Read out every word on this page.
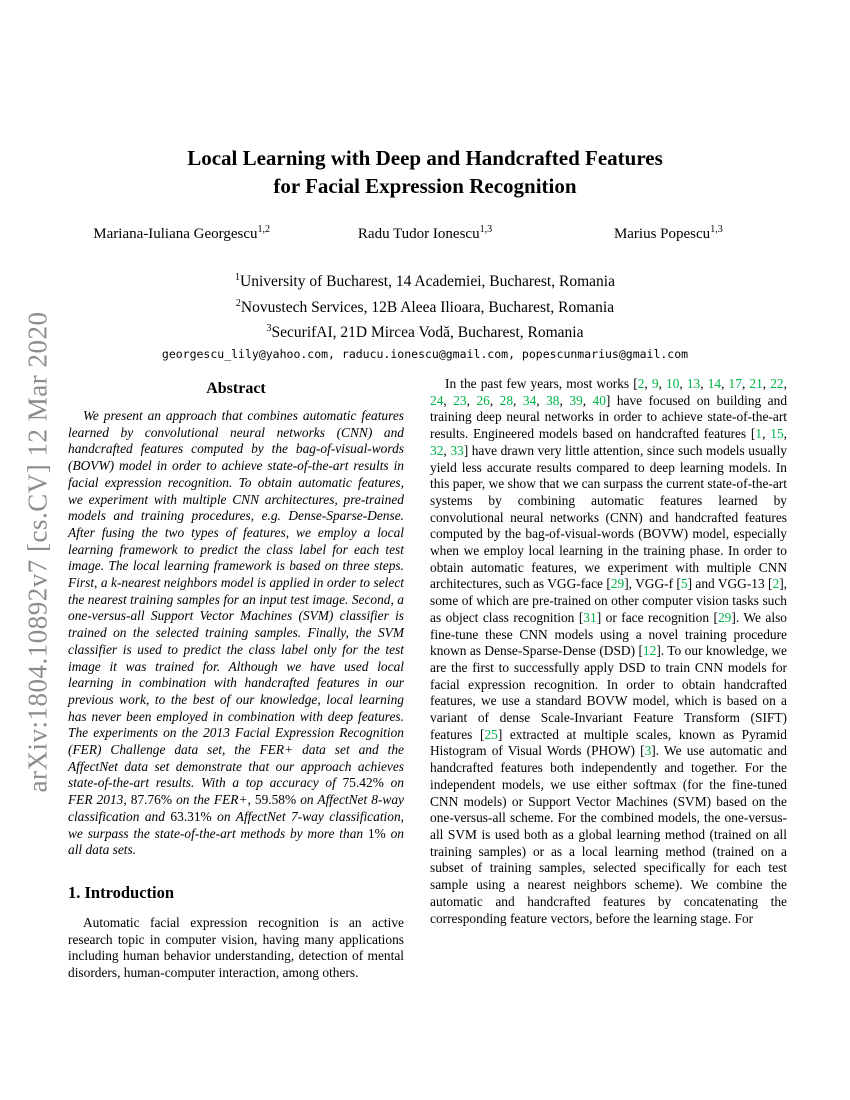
arXiv:1804.10892v7 [cs.CV] 12 Mar 2020
Local Learning with Deep and Handcrafted Features
for Facial Expression Recognition
Mariana-Iuliana Georgescu$^{1,2}$	Radu Tudor Ionescu$^{1,3}$	Marius Popescu$^{1,3}$
$^1$University of Bucharest, 14 Academiei, Bucharest, Romania
$^2$Novustech Services, 12B Aleea Ilioara, Bucharest, Romania
$^3$SecurifAI, 21D Mircea Vodă, Bucharest, Romania
georgescu_lily@yahoo.com, raducu.ionescu@gmail.com, popescunmarius@gmail.com
Abstract

We present an approach that combines automatic features learned by convolutional neural networks (CNN) and handcrafted features computed by the bag-of-visual-words (BOVW) model in order to achieve state-of-the-art results in facial expression recognition. To obtain automatic features, we experiment with multiple CNN architectures, pre-trained models and training procedures, e.g. Dense-Sparse-Dense. After fusing the two types of features, we employ a local learning framework to predict the class label for each test image. The local learning framework is based on three steps. First, a k-nearest neighbors model is applied in order to select the nearest training samples for an input test image. Second, a one-versus-all Support Vector Machines (SVM) classifier is trained on the selected training samples. Finally, the SVM classifier is used to predict the class label only for the test image it was trained for. Although we have used local learning in combination with handcrafted features in our previous work, to the best of our knowledge, local learning has never been employed in combination with deep features. The experiments on the 2013 Facial Expression Recognition (FER) Challenge data set, the FER+ data set and the AffectNet data set demonstrate that our approach achieves state-of-the-art results. With a top accuracy of 75.42% on FER 2013, 87.76% on the FER+, 59.58% on AffectNet 8-way classification and 63.31% on AffectNet 7-way classification, we surpass the state-of-the-art methods by more than 1% on all data sets.

1. Introduction

Automatic facial expression recognition is an active research topic in computer vision, having many applications including human behavior understanding, detection of mental disorders, human-computer interaction, among others.

In the past few years, most works [2, 9, 10, 13, 14, 17, 21, 22, 24, 23, 26, 28, 34, 38, 39, 40] have focused on building and training deep neural networks in order to achieve state-of-the-art results. Engineered models based on handcrafted features [1, 15, 32, 33] have drawn very little attention, since such models usually yield less accurate results compared to deep learning models. In this paper, we show that we can surpass the current state-of-the-art systems by combining automatic features learned by convolutional neural networks (CNN) and handcrafted features computed by the bag-of-visual-words (BOVW) model, especially when we employ local learning in the training phase. In order to obtain automatic features, we experiment with multiple CNN architectures, such as VGG-face [29], VGG-f [5] and VGG-13 [2], some of which are pre-trained on other computer vision tasks such as object class recognition [31] or face recognition [29]. We also fine-tune these CNN models using a novel training procedure known as Dense-Sparse-Dense (DSD) [12]. To our knowledge, we are the first to successfully apply DSD to train CNN models for facial expression recognition. In order to obtain handcrafted features, we use a standard BOVW model, which is based on a variant of dense Scale-Invariant Feature Transform (SIFT) features [25] extracted at multiple scales, known as Pyramid Histogram of Visual Words (PHOW) [3]. We use automatic and handcrafted features both independently and together. For the independent models, we use either softmax (for the fine-tuned CNN models) or Support Vector Machines (SVM) based on the one-versus-all scheme. For the combined models, the one-versus-all SVM is used both as a global learning method (trained on all training samples) or as a local learning method (trained on a subset of training samples, selected specifically for each test sample using a nearest neighbors scheme). We combine the automatic and handcrafted features by concatenating the corresponding feature vectors, before the learning stage. For
